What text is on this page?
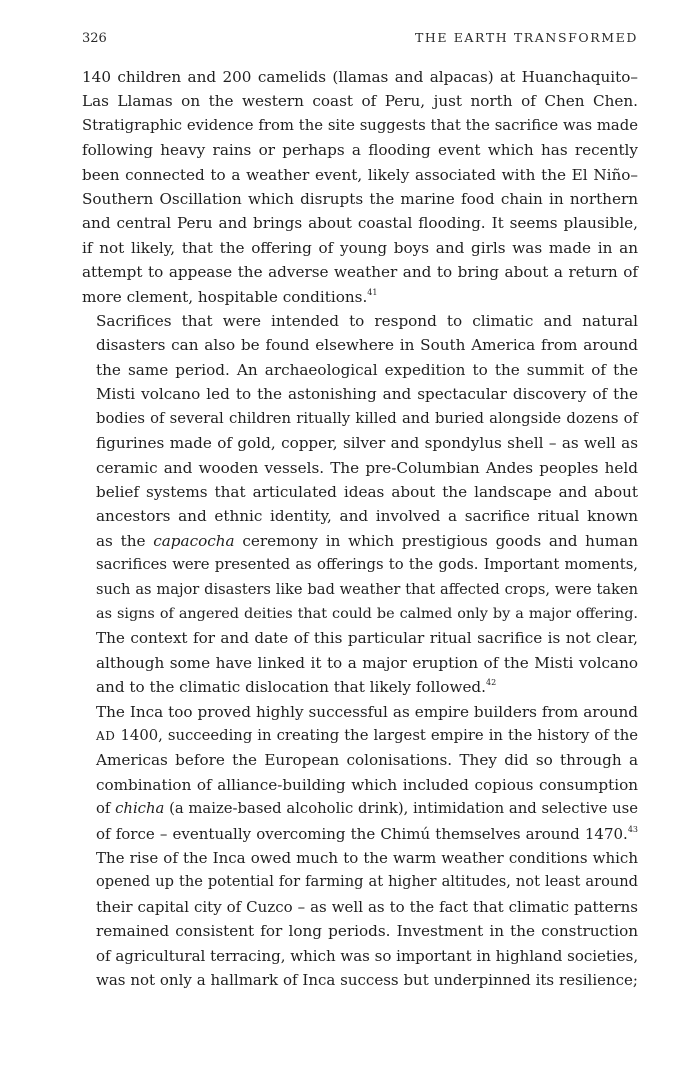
326	THE EARTH TRANSFORMED

140 children and 200 camelids (llamas and alpacas) at Huanchaquito–
Las Llamas on the western coast of Peru, just north of Chen Chen.
Stratigraphic evidence from the site suggests that the sacrifice was made
following heavy rains or perhaps a flooding event which has recently
been connected to a weather event, likely associated with the El Niño–
Southern Oscillation which disrupts the marine food chain in northern
and central Peru and brings about coastal flooding. It seems plausible,
if not likely, that the offering of young boys and girls was made in an
attempt to appease the adverse weather and to bring about a return of
more clement, hospitable conditions.$^{41}$

Sacrifices that were intended to respond to climatic and natural
disasters can also be found elsewhere in South America from around
the same period. An archaeological expedition to the summit of the
Misti volcano led to the astonishing and spectacular discovery of the
bodies of several children ritually killed and buried alongside dozens of
figurines made of gold, copper, silver and spondylus shell – as well as
ceramic and wooden vessels. The pre-Columbian Andes peoples held
belief systems that articulated ideas about the landscape and about
ancestors and ethnic identity, and involved a sacrifice ritual known
as the capacocha ceremony in which prestigious goods and human
sacrifices were presented as offerings to the gods. Important moments,
such as major disasters like bad weather that affected crops, were taken
as signs of angered deities that could be calmed only by a major offering.
The context for and date of this particular ritual sacrifice is not clear,
although some have linked it to a major eruption of the Misti volcano
and to the climatic dislocation that likely followed.$^{42}$

The Inca too proved highly successful as empire builders from around
AD 1400, succeeding in creating the largest empire in the history of the
Americas before the European colonisations. They did so through a
combination of alliance-building which included copious consumption
of chicha (a maize-based alcoholic drink), intimidation and selective use
of force – eventually overcoming the Chimú themselves around 1470.43
The rise of the Inca owed much to the warm weather conditions which
opened up the potential for farming at higher altitudes, not least around
their capital city of Cuzco – as well as to the fact that climatic patterns
remained consistent for long periods. Investment in the construction
of agricultural terracing, which was so important in highland societies,
was not only a hallmark of Inca success but underpinned its resilience;
